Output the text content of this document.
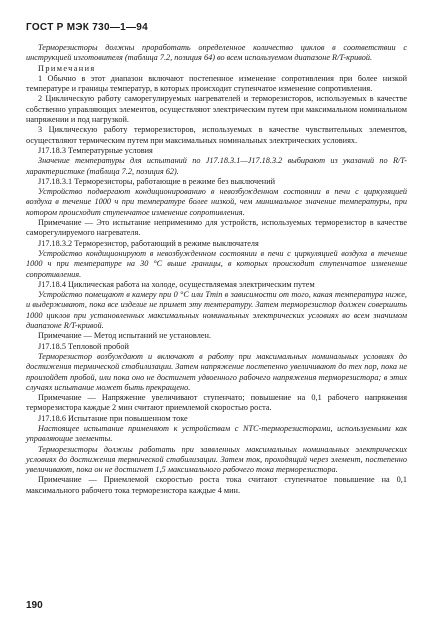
ГОСТ Р МЭК 730—1—94

Терморезисторы должны проработать определенное количество циклов в соответствии с инструкцией изготовителя (таблица 7.2, позиция 64) во всем используемом диапазоне R/T-кривой.

Примечания

1 Обычно в этот диапазон включают постепенное изменение сопротивления при более низкой температуре и границы температур, в которых происходит ступенчатое изменение сопротивления.

2 Циклическую работу саморегулируемых нагревателей и терморезисторов, используемых в качестве собственно управляющих элементов, осуществляют электрическим путем при максимальном номинальном напряжении и под нагрузкой.

3 Циклическую работу терморезисторов, используемых в качестве чувствительных элементов, осуществляют термическим путем при максимальных номинальных электрических условиях.

J17.18.3 Температурные условия

Значение температуры для испытаний по J17.18.3.1—J17.18.3.2 выбирают из указаний по R/T-характеристике (таблица 7.2, позиция 62).

J17.18.3.1 Терморезисторы, работающие в режиме без выключений

Устройство подвергают кондиционированию в невозбужденном состоянии в печи с циркуляцией воздуха в течение 1000 ч при температуре более низкой, чем минимальное значение температуры, при котором происходит ступенчатое изменение сопротивления.

Примечание — Это испытание неприменимо для устройств, используемых терморезистор в качестве саморегулируемого нагревателя.

J17.18.3.2 Терморезистор, работающий в режиме выключателя

Устройство кондиционируют в невозбужденном состоянии в печи с циркуляцией воздуха в течение 1000 ч при температуре на 30 °С выше границы, в которых происходит ступенчатое изменение сопротивления.

J17.18.4 Циклическая работа на холоде, осуществляемая электрическим путем

Устройство помещают в камеру при 0 °С или Tmin в зависимости от того, какая температура ниже, и выдерживают, пока все изделие не примет эту температуру. Затем терморезистор должен совершить 1000 циклов при установленных максимальных номинальных электрических условиях во всем значимом диапазоне R/T-кривой.

Примечание — Метод испытаний не установлен.

J17.18.5 Тепловой пробой

Терморезистор возбуждают и включают в работу при максимальных номинальных условиях до достижения термической стабилизации. Затем напряжение постепенно увеличивают до тех пор, пока не произойдет пробой, или пока оно не достигнет удвоенного рабочего напряжения терморезистора; в этих случаях испытание может быть прекращено.

Примечание — Напряжение увеличивают ступенчато; повышение на 0,1 рабочего напряжения терморезистора каждые 2 мин считают приемлемой скоростью роста.

J17.18.6 Испытание при повышенном токе

Настоящее испытание применяют к устройствам с NTC-терморезисторами, используемыми как управляющие элементы.

Терморезисторы должны работать при заявленных максимальных номинальных электрических условиях до достижения термической стабилизации. Затем ток, проходящий через элемент, постепенно увеличивают, пока он не достигнет 1,5 максимального рабочего тока терморезистора.

Примечание — Приемлемой скоростью роста тока считают ступенчатое повышение на 0,1 максимального рабочего тока терморезистора каждые 4 мин.

190
